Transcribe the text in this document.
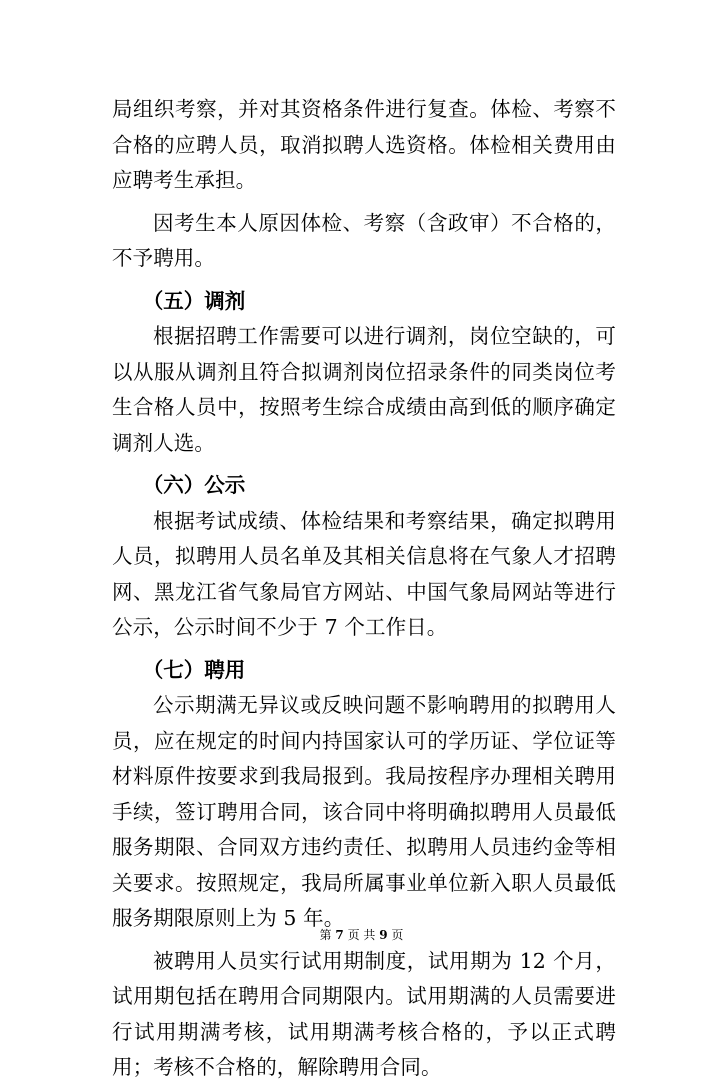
局组织考察，并对其资格条件进行复查。体检、考察不合格的应聘人员，取消拟聘人选资格。体检相关费用由应聘考生承担。

因考生本人原因体检、考察（含政审）不合格的，不予聘用。

（五）调剂

根据招聘工作需要可以进行调剂，岗位空缺的，可以从服从调剂且符合拟调剂岗位招录条件的同类岗位考生合格人员中，按照考生综合成绩由高到低的顺序确定调剂人选。

（六）公示

根据考试成绩、体检结果和考察结果，确定拟聘用人员，拟聘用人员名单及其相关信息将在气象人才招聘网、黑龙江省气象局官方网站、中国气象局网站等进行公示，公示时间不少于 7 个工作日。

（七）聘用

公示期满无异议或反映问题不影响聘用的拟聘用人员，应在规定的时间内持国家认可的学历证、学位证等材料原件按要求到我局报到。我局按程序办理相关聘用手续，签订聘用合同，该合同中将明确拟聘用人员最低服务期限、合同双方违约责任、拟聘用人员违约金等相关要求。按照规定，我局所属事业单位新入职人员最低服务期限原则上为 5 年。

被聘用人员实行试用期制度，试用期为 12 个月，试用期包括在聘用合同期限内。试用期满的人员需要进行试用期满考核，试用期满考核合格的，予以正式聘用；考核不合格的，解除聘用合同。

第 7 页 共 9 页
